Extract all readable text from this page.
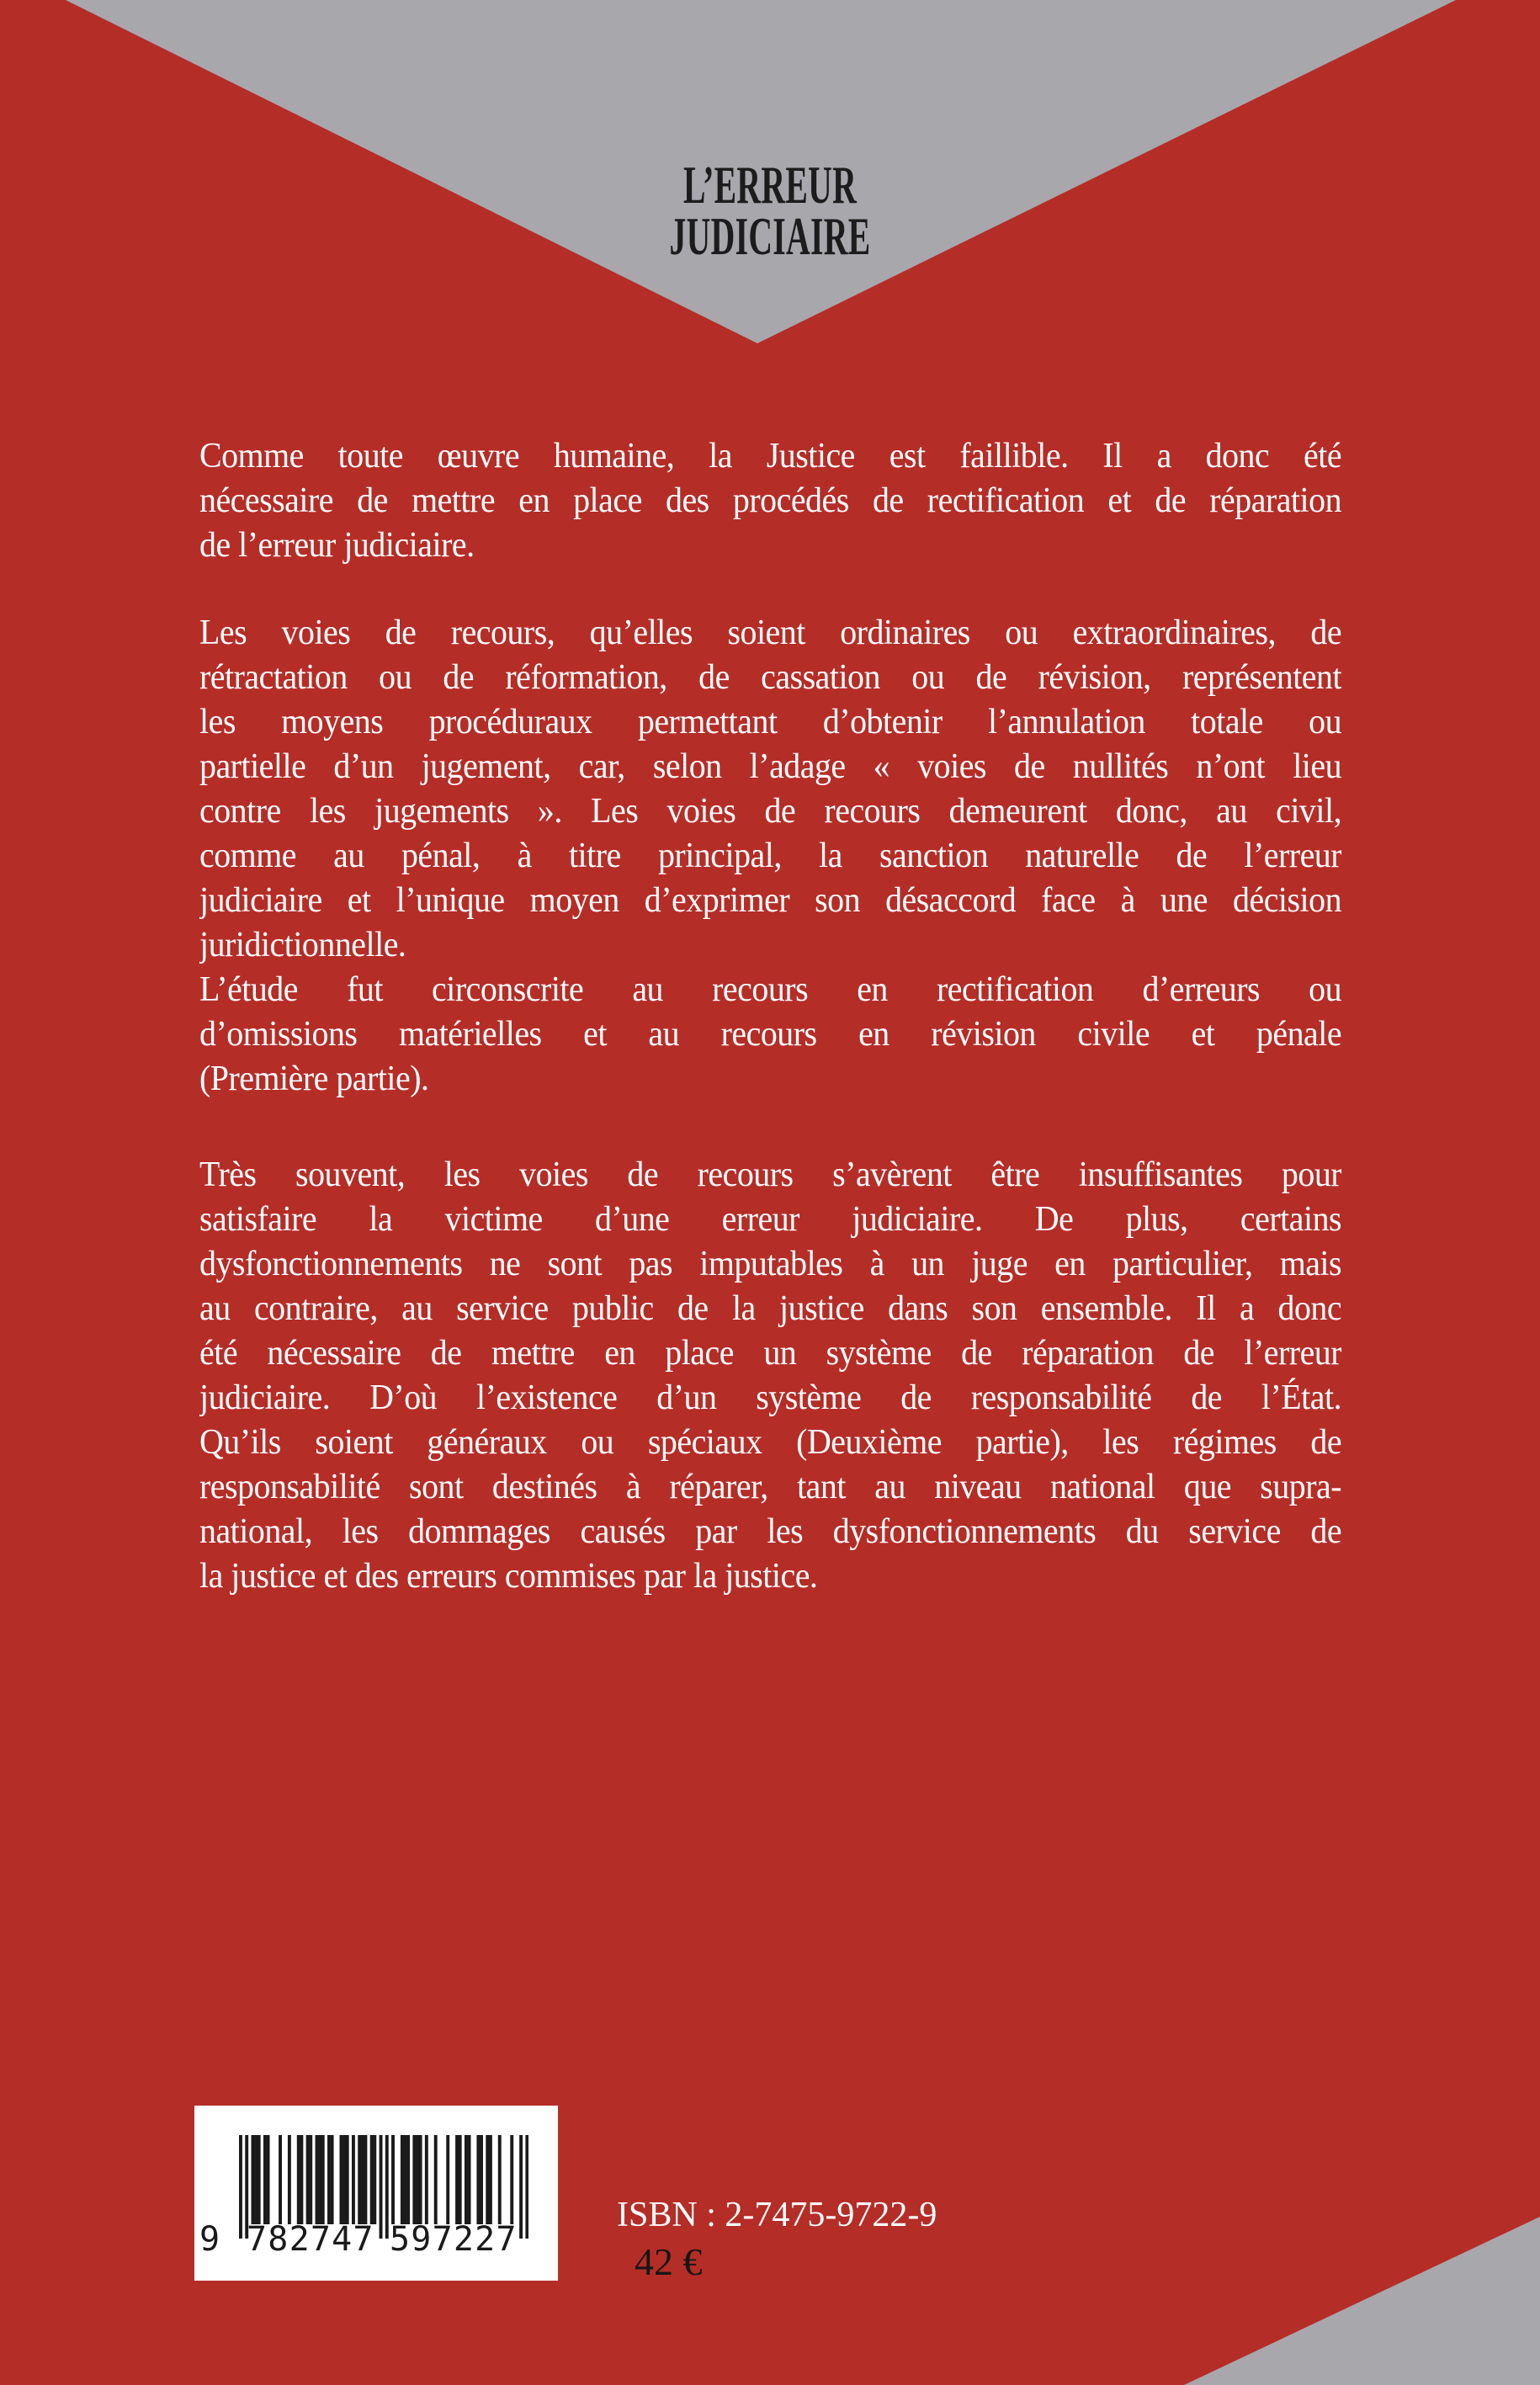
L’ERREUR
JUDICIAIRE
Comme toute œuvre humaine, la Justice est faillible. Il a donc été
nécessaire de mettre en place des procédés de rectification et de réparation
de l’erreur judiciaire.
Les voies de recours, qu’elles soient ordinaires ou extraordinaires, de
rétractation ou de réformation, de cassation ou de révision, représentent
les moyens procéduraux permettant d’obtenir l’annulation totale ou
partielle d’un jugement, car, selon l’adage « voies de nullités n’ont lieu
contre les jugements ». Les voies de recours demeurent donc, au civil,
comme au pénal, à titre principal, la sanction naturelle de l’erreur
judiciaire et l’unique moyen d’exprimer son désaccord face à une décision
juridictionnelle.
L’étude fut circonscrite au recours en rectification d’erreurs ou
d’omissions matérielles et au recours en révision civile et pénale
(Première partie).
Très souvent, les voies de recours s’avèrent être insuffisantes pour
satisfaire la victime d’une erreur judiciaire. De plus, certains
dysfonctionnements ne sont pas imputables à un juge en particulier, mais
au contraire, au service public de la justice dans son ensemble. Il a donc
été nécessaire de mettre en place un système de réparation de l’erreur
judiciaire. D’où l’existence d’un système de responsabilité de l’État.
Qu’ils soient généraux ou spéciaux (Deuxième partie), les régimes de
responsabilité sont destinés à réparer, tant au niveau national que supra-
national, les dommages causés par les dysfonctionnements du service de
la justice et des erreurs commises par la justice.
9 782747 597227
ISBN : 2-7475-9722-9
42 €
